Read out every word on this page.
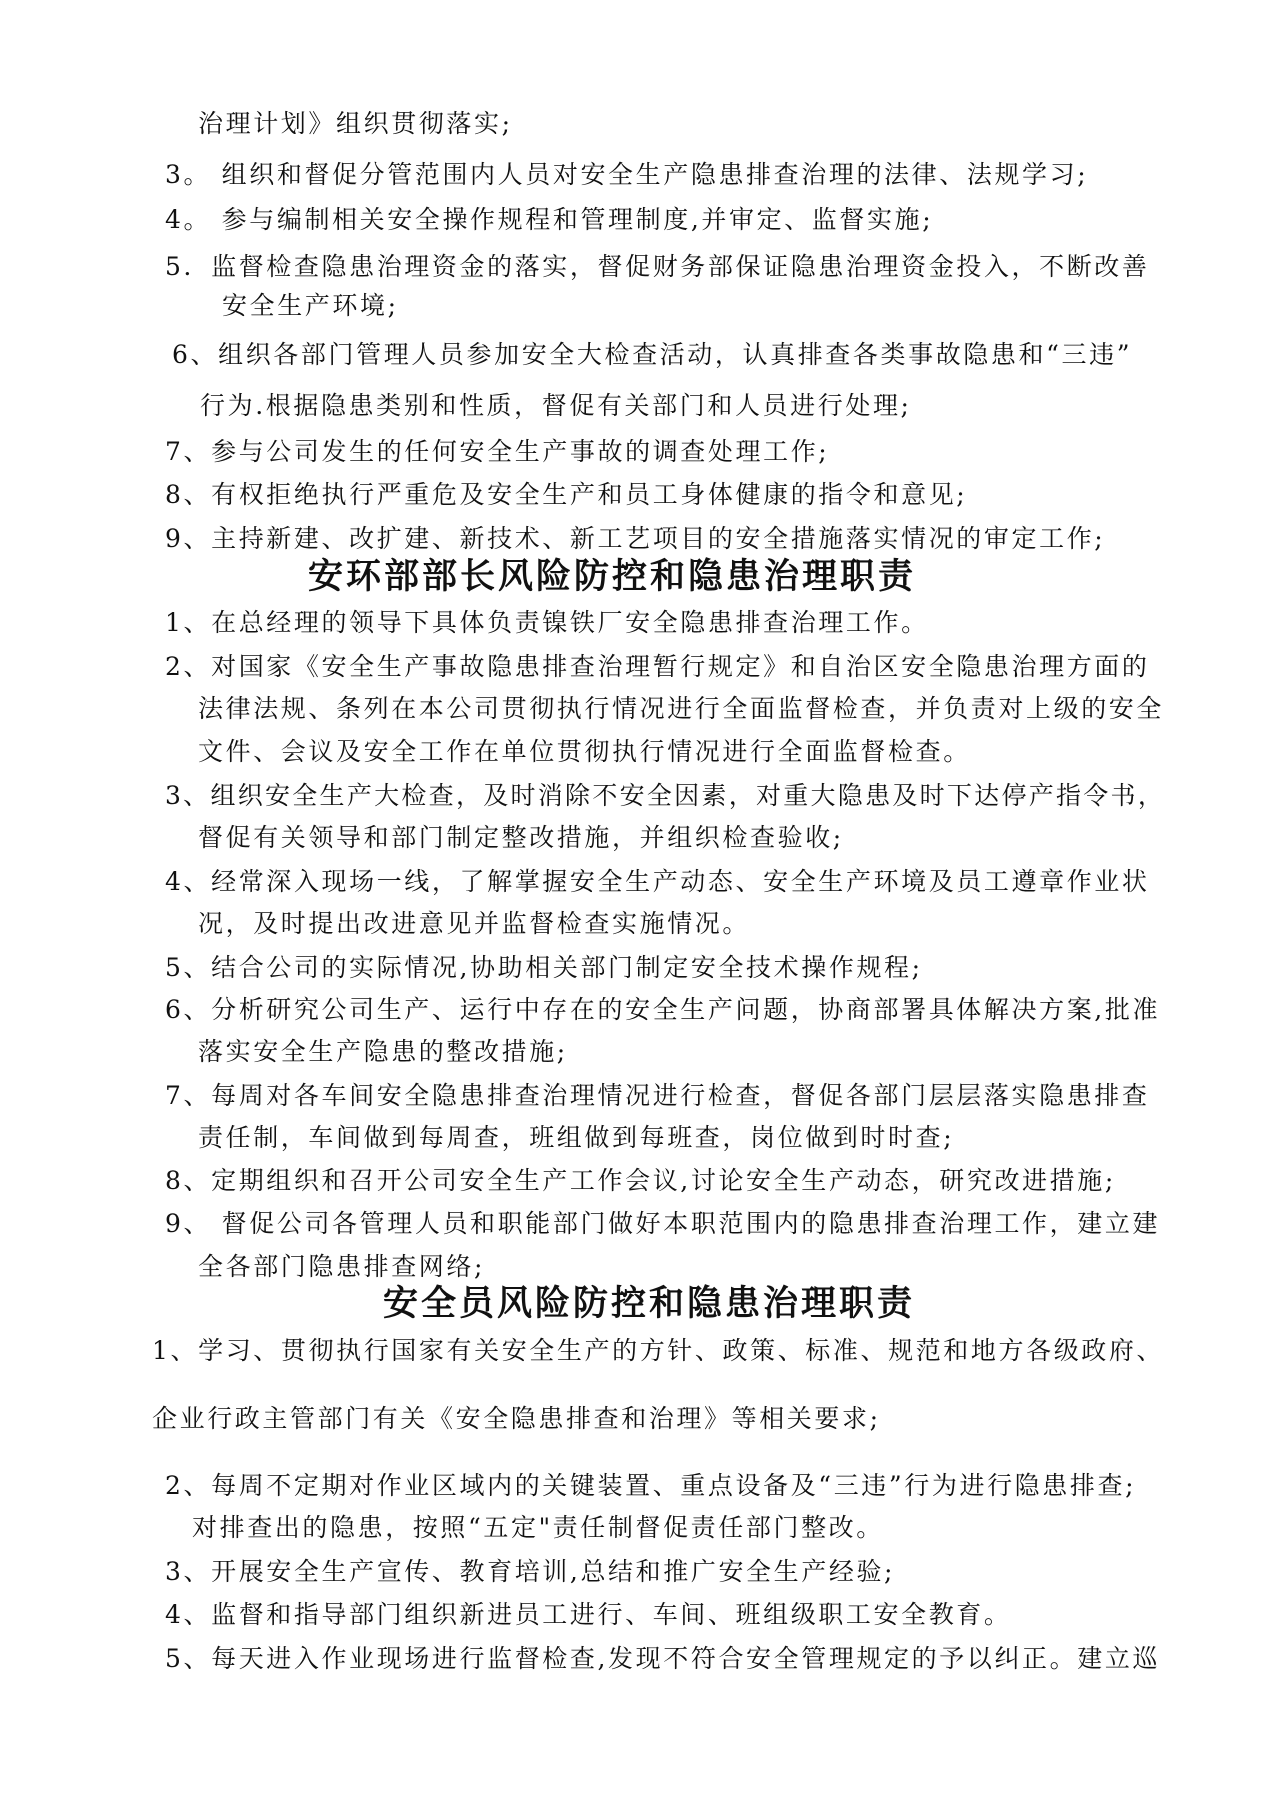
治理计划》组织贯彻落实;
3。 组织和督促分管范围内人员对安全生产隐患排查治理的法律、法规学习;
4。 参与编制相关安全操作规程和管理制度,并审定、监督实施;
5．监督检查隐患治理资金的落实，督促财务部保证隐患治理资金投入，不断改善
安全生产环境;
6、组织各部门管理人员参加安全大检查活动，认真排查各类事故隐患和“三违”
行为.根据隐患类别和性质，督促有关部门和人员进行处理;
7、参与公司发生的任何安全生产事故的调查处理工作;
8、有权拒绝执行严重危及安全生产和员工身体健康的指令和意见;
9、主持新建、改扩建、新技术、新工艺项目的安全措施落实情况的审定工作;
安环部部长风险防控和隐患治理职责
1、在总经理的领导下具体负责镍铁厂安全隐患排查治理工作。
2、对国家《安全生产事故隐患排查治理暂行规定》和自治区安全隐患治理方面的
法律法规、条列在本公司贯彻执行情况进行全面监督检查，并负责对上级的安全
文件、会议及安全工作在单位贯彻执行情况进行全面监督检查。
3、组织安全生产大检查，及时消除不安全因素，对重大隐患及时下达停产指令书，
督促有关领导和部门制定整改措施，并组织检查验收;
4、经常深入现场一线，了解掌握安全生产动态、安全生产环境及员工遵章作业状
况，及时提出改进意见并监督检查实施情况。
5、结合公司的实际情况,协助相关部门制定安全技术操作规程;
6、分析研究公司生产、运行中存在的安全生产问题，协商部署具体解决方案,批准
落实安全生产隐患的整改措施;
7、每周对各车间安全隐患排查治理情况进行检查，督促各部门层层落实隐患排查
责任制，车间做到每周查，班组做到每班查，岗位做到时时查;
8、定期组织和召开公司安全生产工作会议,讨论安全生产动态，研究改进措施;
9、 督促公司各管理人员和职能部门做好本职范围内的隐患排查治理工作，建立建
全各部门隐患排查网络;
安全员风险防控和隐患治理职责
1、学习、贯彻执行国家有关安全生产的方针、政策、标准、规范和地方各级政府、
企业行政主管部门有关《安全隐患排查和治理》等相关要求;
2、每周不定期对作业区域内的关键装置、重点设备及“三违”行为进行隐患排查;
对排查出的隐患，按照“五定"责任制督促责任部门整改。
3、开展安全生产宣传、教育培训,总结和推广安全生产经验;
4、监督和指导部门组织新进员工进行、车间、班组级职工安全教育。
5、每天进入作业现场进行监督检查,发现不符合安全管理规定的予以纠正。建立巡
